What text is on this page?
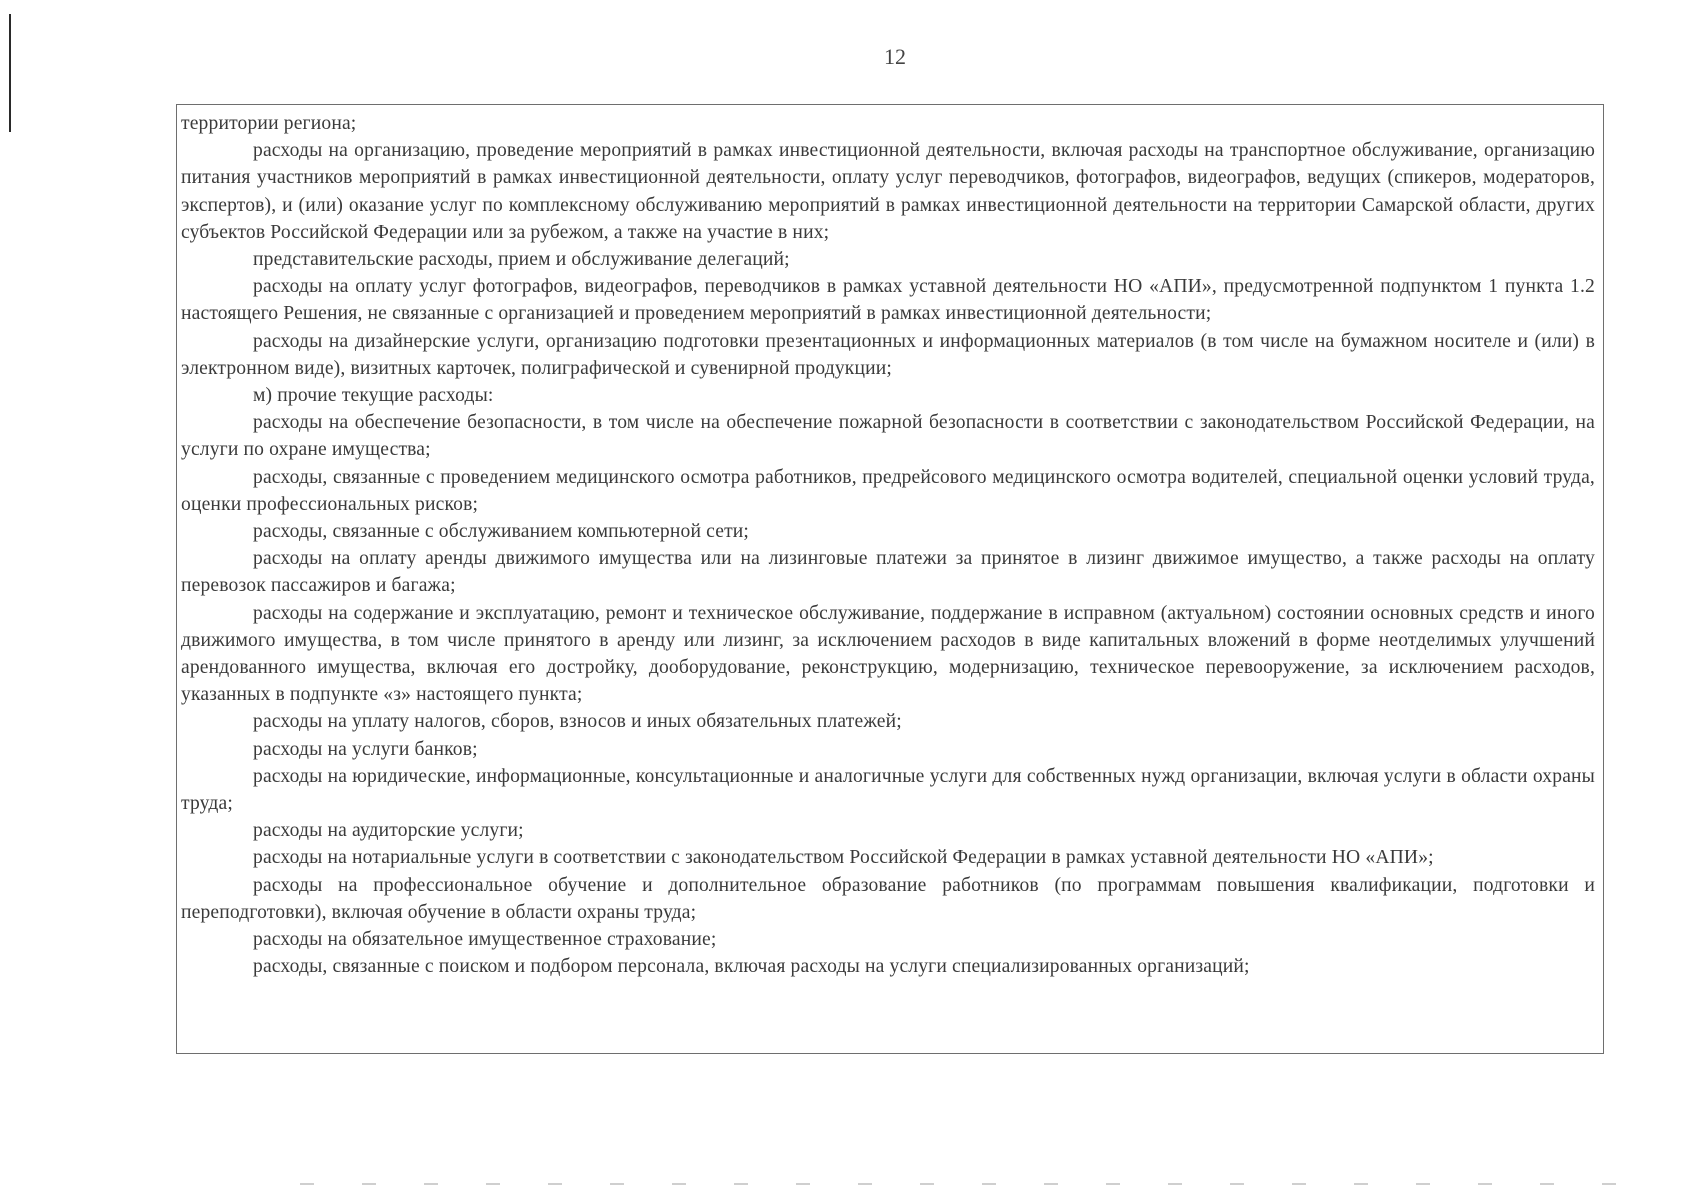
12

территории региона;

расходы на организацию, проведение мероприятий в рамках инвестиционной деятельности, включая расходы на транспортное обслуживание, организацию питания участников мероприятий в рамках инвестиционной деятельности, оплату услуг переводчиков, фотографов, видеографов, ведущих (спикеров, модераторов, экспертов), и (или) оказание услуг по комплексному обслуживанию мероприятий в рамках инвестиционной деятельности на территории Самарской области, других субъектов Российской Федерации или за рубежом, а также на участие в них;

представительские расходы, прием и обслуживание делегаций;

расходы на оплату услуг фотографов, видеографов, переводчиков в рамках уставной деятельности НО «АПИ», предусмотренной подпунктом 1 пункта 1.2 настоящего Решения, не связанные с организацией и проведением мероприятий в рамках инвестиционной деятельности;

расходы на дизайнерские услуги, организацию подготовки презентационных и информационных материалов (в том числе на бумажном носителе и (или) в электронном виде), визитных карточек, полиграфической и сувенирной продукции;

м) прочие текущие расходы:

расходы на обеспечение безопасности, в том числе на обеспечение пожарной безопасности в соответствии с законодательством Российской Федерации, на услуги по охране имущества;

расходы, связанные с проведением медицинского осмотра работников, предрейсового медицинского осмотра водителей, специальной оценки условий труда, оценки профессиональных рисков;

расходы, связанные с обслуживанием компьютерной сети;

расходы на оплату аренды движимого имущества или на лизинговые платежи за принятое в лизинг движимое имущество, а также расходы на оплату перевозок пассажиров и багажа;

расходы на содержание и эксплуатацию, ремонт и техническое обслуживание, поддержание в исправном (актуальном) состоянии основных средств и иного движимого имущества, в том числе принятого в аренду или лизинг, за исключением расходов в виде капитальных вложений в форме неотделимых улучшений арендованного имущества, включая его достройку, дооборудование, реконструкцию, модернизацию, техническое перевооружение, за исключением расходов, указанных в подпункте «з» настоящего пункта;

расходы на уплату налогов, сборов, взносов и иных обязательных платежей;

расходы на услуги банков;

расходы на юридические, информационные, консультационные и аналогичные услуги для собственных нужд организации, включая услуги в области охраны труда;

расходы на аудиторские услуги;

расходы на нотариальные услуги в соответствии с законодательством Российской Федерации в рамках уставной деятельности НО «АПИ»;

расходы на профессиональное обучение и дополнительное образование работников (по программам повышения квалификации, подготовки и переподготовки), включая обучение в области охраны труда;

расходы на обязательное имущественное страхование;

расходы, связанные с поиском и подбором персонала, включая расходы на услуги специализированных организаций;
